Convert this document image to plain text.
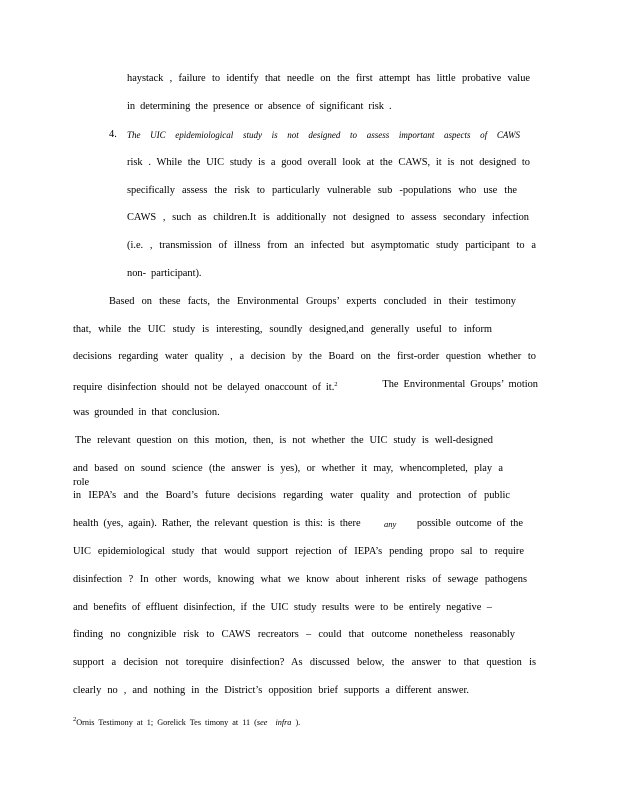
haystack , failure to identify that needle on the first attempt has little probative value
in determining the presence or absence of significant risk .
4. The UIC epidemiological study is not designed to assess important aspects of CAWS
risk . While the UIC study is a good overall look at the CAWS, it is not designed to
specifically assess the risk to particularly vulnerable sub -populations who use the
CAWS , such as children.It is additionally not designed to assess secondary infection
(i.e. , transmission of illness from an infected but asymptomatic study participant to a
non- participant).
Based on these facts, the Environmental Groups’ experts concluded in their testimony
that, while the UIC study is interesting, soundly designed,and generally useful to inform
decisions regarding water quality , a decision by the Board on the first-order question whether to
require disinfection should not be delayed onaccount of it.$^2$	The Environmental Groups’ motion
was grounded in that conclusion.
The relevant question on this motion, then, is not whether the UIC study is well-designed
and based on sound science (the answer is yes), or whether it may, whencompleted, play a role
in IEPA’s and the Board’s future decisions regarding water quality and protection of public
health (yes, again). Rather, the relevant question is this: is there	any possible outcome of the
UIC epidemiological study that would support rejection of IEPA’s pending propo sal to require
disinfection ? In other words, knowing what we know about inherent risks of sewage pathogens
and benefits of effluent disinfection, if the UIC study results were to be entirely negative –
finding no congnizible risk to CAWS recreators – could that outcome nonetheless reasonably
support a decision not torequire disinfection? As discussed below, the answer to that question is
clearly no , and nothing in the District’s opposition brief supports a different answer.
$^2$Ornis Testimony at 1; Gorelick Tes timony at 11 (see infra ).
